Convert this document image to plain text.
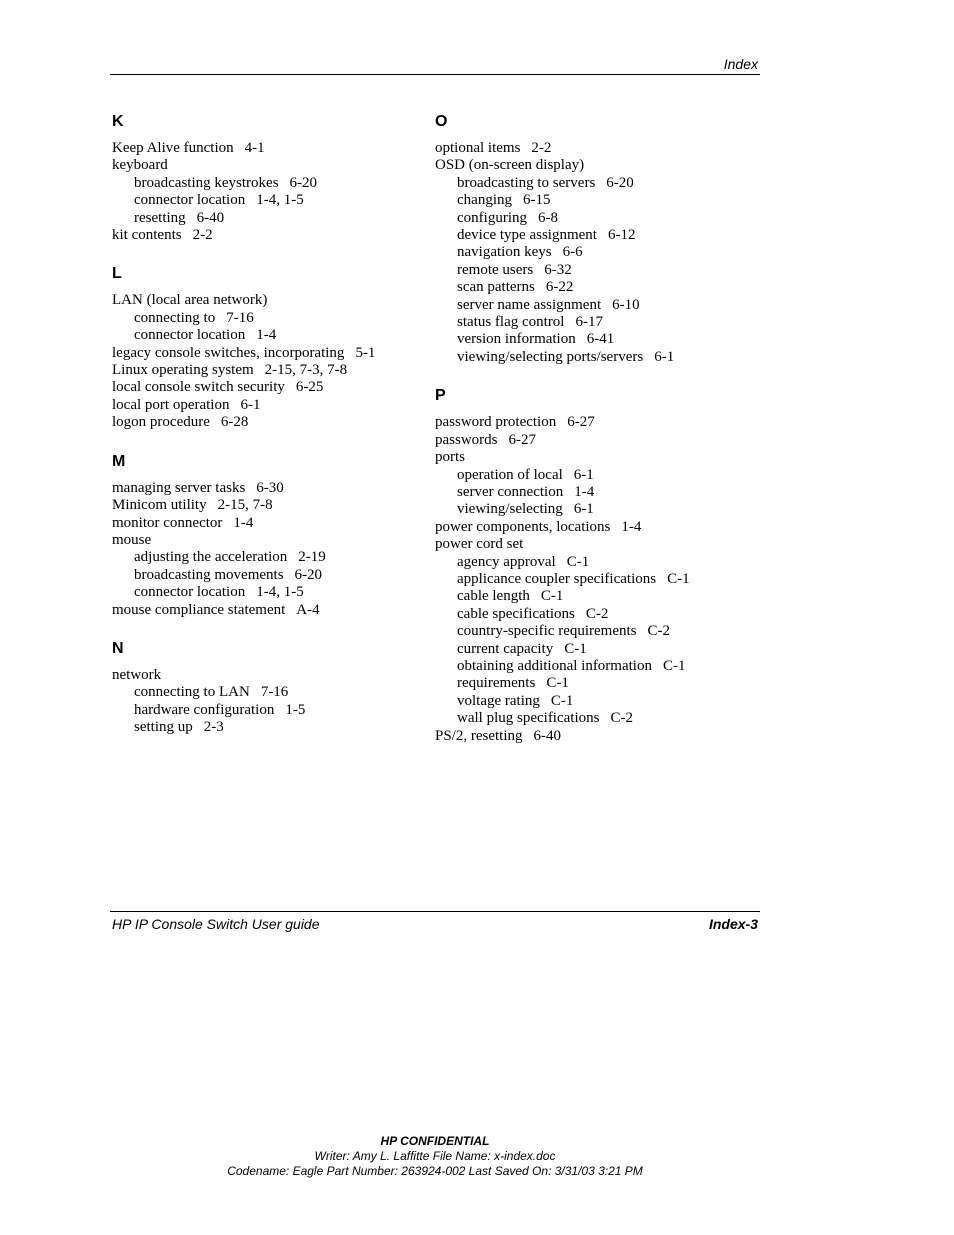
Index
K
Keep Alive function 4-1
keyboard
broadcasting keystrokes 6-20
connector location 1-4, 1-5
resetting 6-40
kit contents 2-2
L
LAN (local area network)
connecting to 7-16
connector location 1-4
legacy console switches, incorporating 5-1
Linux operating system 2-15, 7-3, 7-8
local console switch security 6-25
local port operation 6-1
logon procedure 6-28
M
managing server tasks 6-30
Minicom utility 2-15, 7-8
monitor connector 1-4
mouse
adjusting the acceleration 2-19
broadcasting movements 6-20
connector location 1-4, 1-5
mouse compliance statement A-4
N
network
connecting to LAN 7-16
hardware configuration 1-5
setting up 2-3
O
optional items 2-2
OSD (on-screen display)
broadcasting to servers 6-20
changing 6-15
configuring 6-8
device type assignment 6-12
navigation keys 6-6
remote users 6-32
scan patterns 6-22
server name assignment 6-10
status flag control 6-17
version information 6-41
viewing/selecting ports/servers 6-1
P
password protection 6-27
passwords 6-27
ports
operation of local 6-1
server connection 1-4
viewing/selecting 6-1
power components, locations 1-4
power cord set
agency approval C-1
applicance coupler specifications C-1
cable length C-1
cable specifications C-2
country-specific requirements C-2
current capacity C-1
obtaining additional information C-1
requirements C-1
voltage rating C-1
wall plug specifications C-2
PS/2, resetting 6-40
HP IP Console Switch User guide	Index-3
HP CONFIDENTIAL
Writer: Amy L. Laffitte File Name: x-index.doc
Codename: Eagle Part Number: 263924-002 Last Saved On: 3/31/03 3:21 PM
